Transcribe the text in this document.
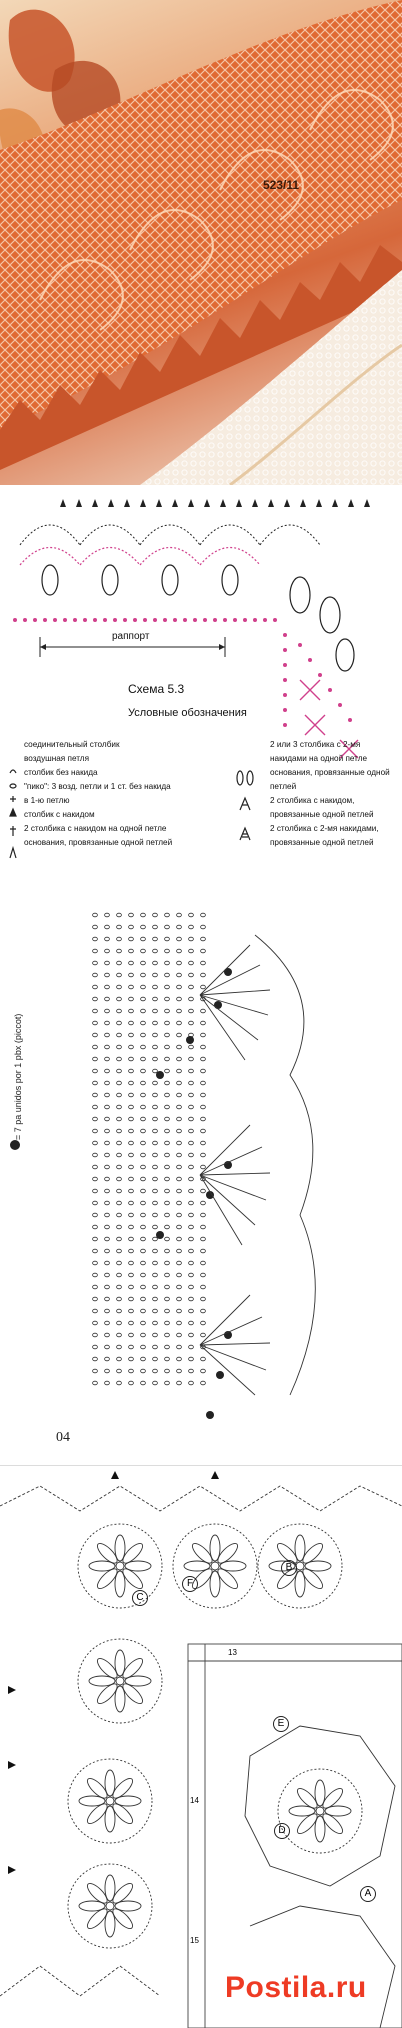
523/11
раппорт
Схема 5.3
Условные обозначения
соединительный столбик
воздушная петля
столбик без накида
"пико": 3 возд. петли и 1 ст. без накида
в 1-ю петлю
столбик с накидом
2 столбика с накидом на одной петле
основания, провязанные одной петлей
2 или 3 столбика с 2-мя
накидами на одной петле
основания, провязанные одной
петлей
2 столбика с накидом,
провязанные одной петлей
2 столбика с 2-мя накидами,
провязанные одной петлей
= 7 pa unidos por 1 pbx (piccot)
04
A
B
C
D
E
F
13
14
15
Postila.ru
